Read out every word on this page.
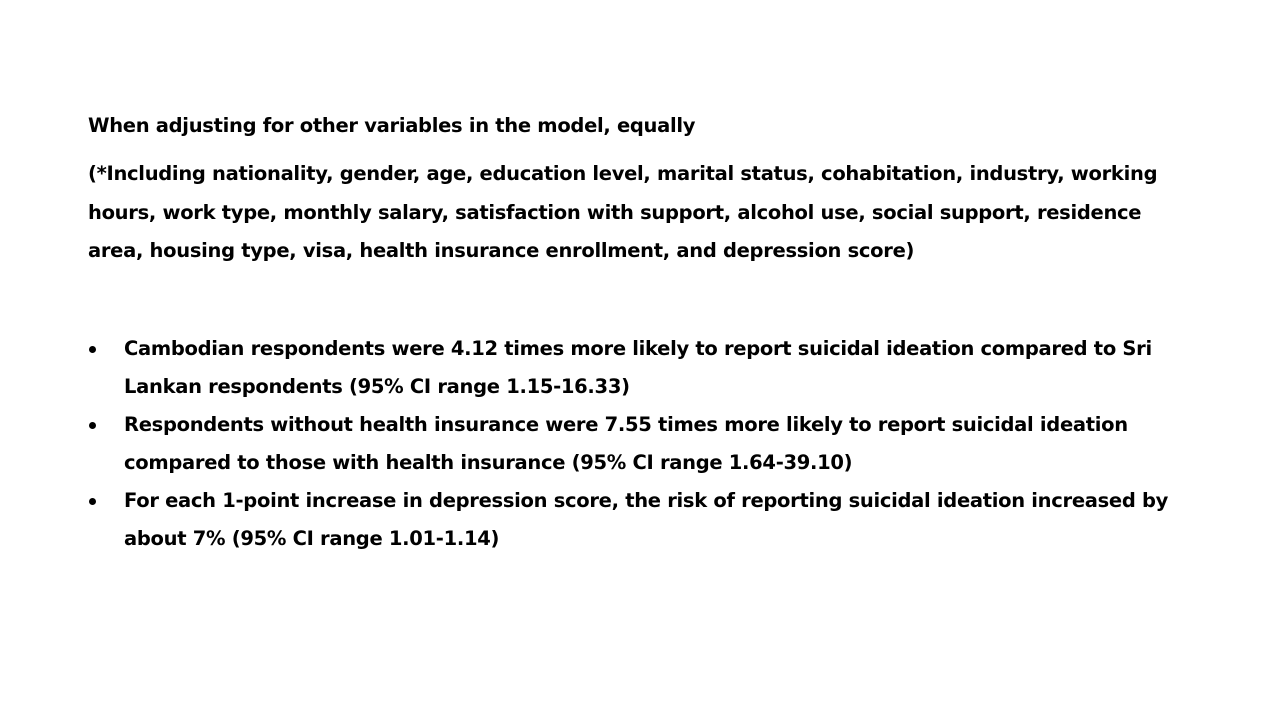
When adjusting for other variables in the model, equally

(*Including nationality, gender, age, education level, marital status, cohabitation, industry, working hours, work type, monthly salary, satisfaction with support, alcohol use, social support, residence area, housing type, visa, health insurance enrollment, and depression score)

Cambodian respondents were 4.12 times more likely to report suicidal ideation compared to Sri Lankan respondents (95% CI range 1.15-16.33)
Respondents without health insurance were 7.55 times more likely to report suicidal ideation compared to those with health insurance (95% CI range 1.64-39.10)
For each 1-point increase in depression score, the risk of reporting suicidal ideation increased by about 7% (95% CI range 1.01-1.14)
